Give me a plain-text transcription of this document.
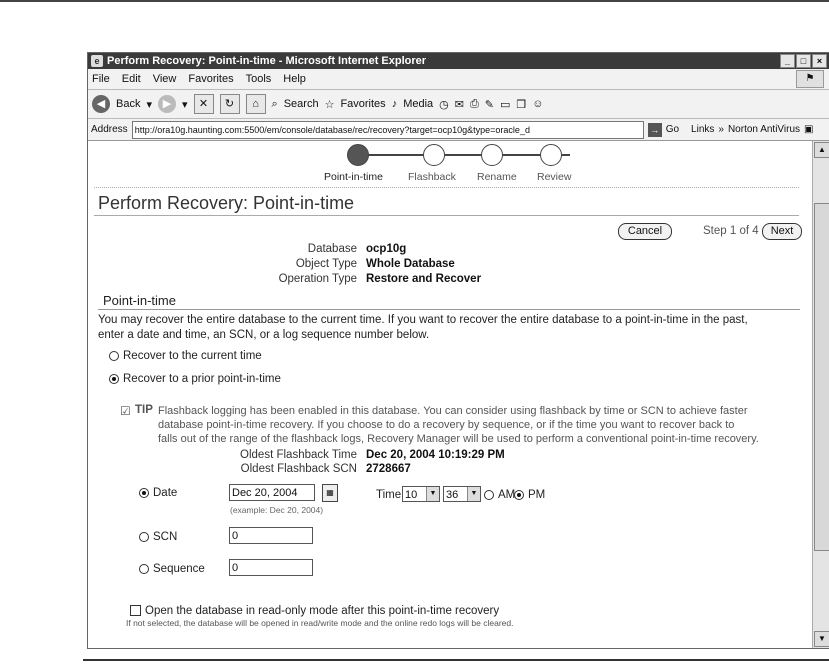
e Perform Recovery: Point-in-time - Microsoft Internet Explorer	_	□	×
File Edit View Favorites Tools Help	⚑
◀ Back ▾ ▶ ▾	✕	↻	⌂	⌕ Search ☆ Favorites ♪ Media ◷ ✉ ⎙ ✎ ▭ ❒ ☺
Address http://ora10g.haunting.com:5500/em/console/database/rec/recovery?target=ocp10g&type=oracle_d	→ Go Links » Norton AntiVirus ▣
Point-in-time Flashback Rename Review
Perform Recovery: Point-in-time
Cancel	Step 1 of 4	Next
Database ocp10g
Object Type Whole Database
Operation Type Restore and Recover
Point-in-time
You may recover the entire database to the current time. If you want to recover the entire database to a point-in-time in the past,
enter a date and time, an SCN, or a log sequence number below.
Recover to the current time
Recover to a prior point-in-time
☑ TIP Flashback logging has been enabled in this database. You can consider using flashback by time or SCN to achieve faster
database point-in-time recovery. If you choose to do a recovery by sequence, or if the time you want to recover back to
falls out of the range of the flashback logs, Recovery Manager will be used to perform a conventional point-in-time recovery.
Oldest Flashback Time Dec 20, 2004 10:19:29 PM
Oldest Flashback SCN 2728667
Date	Dec 20, 2004	▦
(example: Dec 20, 2004)
Time 10	▼ 36	▼	AM	PM
SCN	0
Sequence 0
Open the database in read-only mode after this point-in-time recovery
If not selected, the database will be opened in read/write mode and the online redo logs will be cleared.
▲
▼
